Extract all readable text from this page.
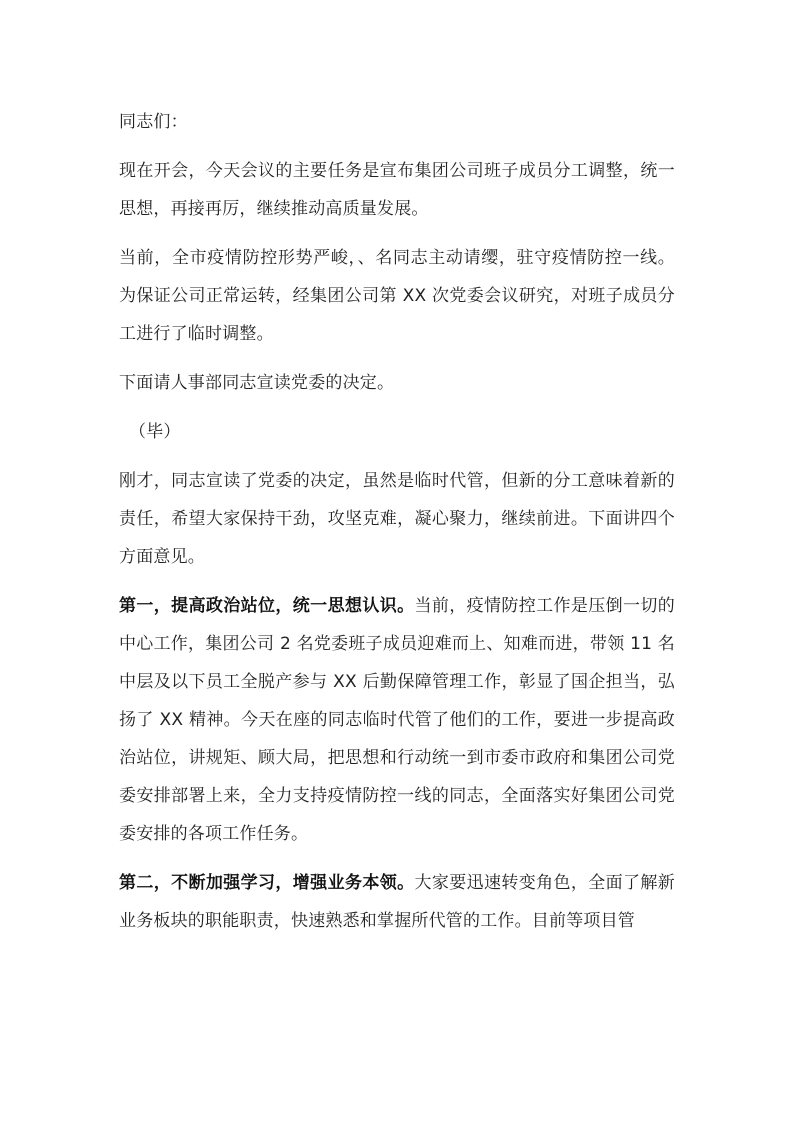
同志们：

现在开会，今天会议的主要任务是宣布集团公司班子成员分工调整，统一思想，再接再厉，继续推动高质量发展。

当前，全市疫情防控形势严峻，、名同志主动请缨，驻守疫情防控一线。为保证公司正常运转，经集团公司第 XX 次党委会议研究，对班子成员分工进行了临时调整。

下面请人事部同志宣读党委的决定。

（毕）

刚才，同志宣读了党委的决定，虽然是临时代管，但新的分工意味着新的责任，希望大家保持干劲，攻坚克难，凝心聚力，继续前进。下面讲四个方面意见。

第一，提高政治站位，统一思想认识。当前，疫情防控工作是压倒一切的中心工作，集团公司 2 名党委班子成员迎难而上、知难而进，带领 11 名中层及以下员工全脱产参与 XX 后勤保障管理工作，彰显了国企担当，弘扬了 XX 精神。今天在座的同志临时代管了他们的工作，要进一步提高政治站位，讲规矩、顾大局，把思想和行动统一到市委市政府和集团公司党委安排部署上来，全力支持疫情防控一线的同志，全面落实好集团公司党委安排的各项工作任务。

第二，不断加强学习，增强业务本领。大家要迅速转变角色，全面了解新业务板块的职能职责，快速熟悉和掌握所代管的工作。目前等项目管
